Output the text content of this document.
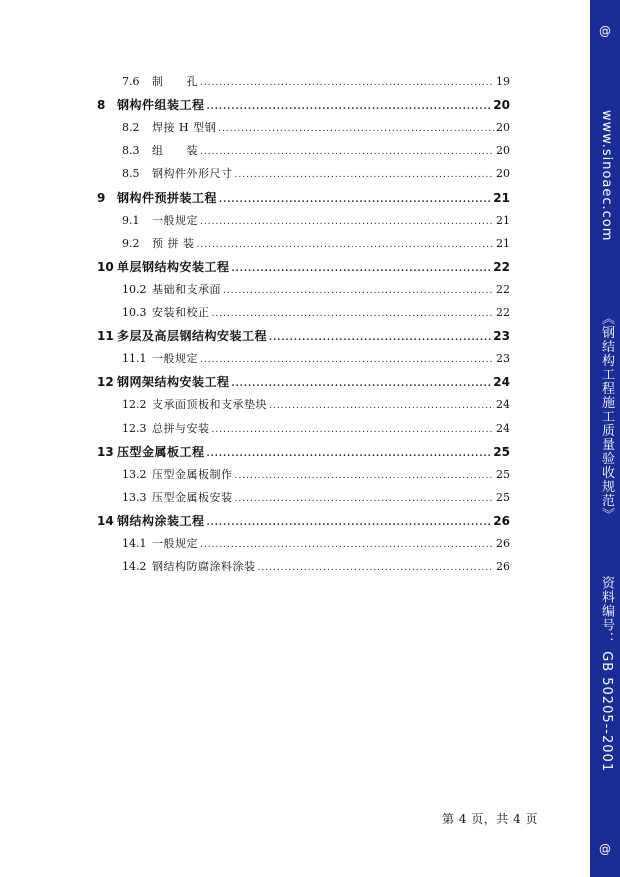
7.6	制　　孔 .....	19
8 钢构件组装工程 .....	20
8.2	焊接 H 型钢 .....	20
8.3	组　　装 .....	20
8.5	钢构件外形尺寸 .....	20
9 钢构件预拼装工程 .....	21
9.1	一般规定 .....	21
9.2	预 拼 装 .....	21
10 单层钢结构安装工程 .....	22
10.2 基础和支承面 .....	22
10.3 安装和校正 .....	22
11 多层及高层钢结构安装工程 .....	23
11.1 一般规定 .....	23
12 钢网架结构安装工程 .....	24
12.2 支承面顶板和支承垫块 .....	24
12.3 总拼与安装 .....	24
13 压型金属板工程 .....	25
13.2 压型金属板制作 .....	25
13.3 压型金属板安装 .....	25
14 钢结构涂装工程 .....	26
14.1 一般规定 .....	26
14.2 钢结构防腐涂料涂装 .....	26
第 4 页，共 4 页
@
www.sinoaec.com  《钢结构工程施工质量验收规范》  资料编号： GB 50205--2001
@
